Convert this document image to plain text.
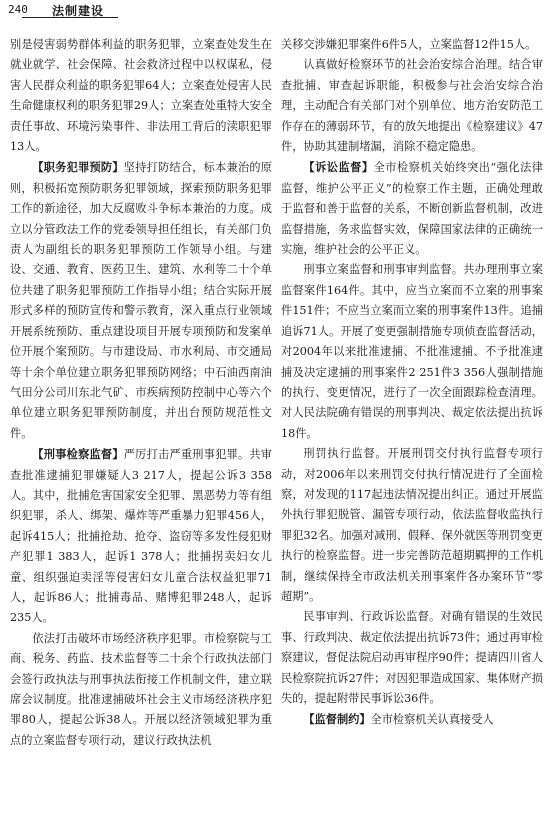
240 法制建设

别是侵害弱势群体利益的职务犯罪，立案查处发生在就业就学、社会保障、社会救济过程中以权谋私，侵害人民群众利益的职务犯罪64人；立案查处侵害人民生命健康权利的职务犯罪29人；立案查处重特大安全责任事故、环境污染事件、非法用工背后的渎职犯罪13人。

【职务犯罪预防】坚持打防结合，标本兼治的原则，积极拓宽预防职务犯罪领域，探索预防职务犯罪工作的新途径，加大反腐败斗争标本兼治的力度。成立以分管政法工作的党委领导担任组长，有关部门负责人为副组长的职务犯罪预防工作领导小组。与建设、交通、教育、医药卫生、建筑、水利等二十个单位共建了职务犯罪预防工作指导小组；结合实际开展形式多样的预防宣传和警示教育，深入重点行业领域开展系统预防、重点建设项目开展专项预防和发案单位开展个案预防。与市建设局、市水利局、市交通局等十余个单位建立职务犯罪预防网络；中石油西南油气田分公司川东北气矿、市疾病预防控制中心等六个单位建立职务犯罪预防制度，并出台预防规范性文件。

【刑事检察监督】严厉打击严重刑事犯罪。共审查批准逮捕犯罪嫌疑人3 217人，提起公诉3 358人。其中，批捕危害国家安全犯罪、黑恶势力等有组织犯罪，杀人、绑架、爆炸等严重暴力犯罪456人，起诉415人；批捕抢劫、抢夺、盗窃等多发性侵犯财产犯罪1 383人，起诉1 378人；批捕拐卖妇女儿童、组织强迫卖淫等侵害妇女儿童合法权益犯罪71人，起诉86人；批捕毒品、赌博犯罪248人，起诉235人。

依法打击破坏市场经济秩序犯罪。市检察院与工商、税务、药监、技术监督等二十余个行政执法部门会签行政执法与刑事执法衔接工作机制文件，建立联席会议制度。批准逮捕破坏社会主义市场经济秩序犯罪80人，提起公诉38人。开展以经济领域犯罪为重点的立案监督专项行动，建议行政执法机

关移交涉嫌犯罪案件6件5人，立案监督12件15人。

认真做好检察环节的社会治安综合治理。结合审查批捕、审查起诉职能，积极参与社会治安综合治理，主动配合有关部门对个别单位、地方治安防范工作存在的薄弱环节，有的放矢地提出《检察建议》47件，协助其建制堵漏，消除不稳定隐患。

【诉讼监督】全市检察机关始终突出“强化法律监督，维护公平正义”的检察工作主题，正确处理敢于监督和善于监督的关系，不断创新监督机制，改进监督措施，务求监督实效，保障国家法律的正确统一实施，维护社会的公平正义。

刑事立案监督和刑事审判监督。共办理刑事立案监督案件164件。其中，应当立案而不立案的刑事案件151件；不应当立案而立案的刑事案件13件。追捕追诉71人。开展了变更强制措施专项侦查监督活动，对2004年以来批准逮捕、不批准逮捕、不予批准逮捕及决定逮捕的刑事案件2 251件3 356人强制措施的执行、变更情况，进行了一次全面跟踪检查清理。对人民法院确有错误的刑事判决、裁定依法提出抗诉18件。

刑罚执行监督。开展刑罚交付执行监督专项行动，对2006年以来刑罚交付执行情况进行了全面检察，对发现的117起违法情况提出纠正。通过开展监外执行罪犯脱管、漏管专项行动，依法监督收监执行罪犯32名。加强对减刑、假释、保外就医等刑罚变更执行的检察监督。进一步完善防范超期羁押的工作机制，继续保持全市政法机关刑事案件各办案环节“零超期”。

民事审判、行政诉讼监督。对确有错误的生效民事、行政判决、裁定依法提出抗诉73件；通过再审检察建议，督促法院启动再审程序90件；提请四川省人民检察院抗诉27件；对因犯罪造成国家、集体财产损失的，提起附带民事诉讼36件。

【监督制约】全市检察机关认真接受人
